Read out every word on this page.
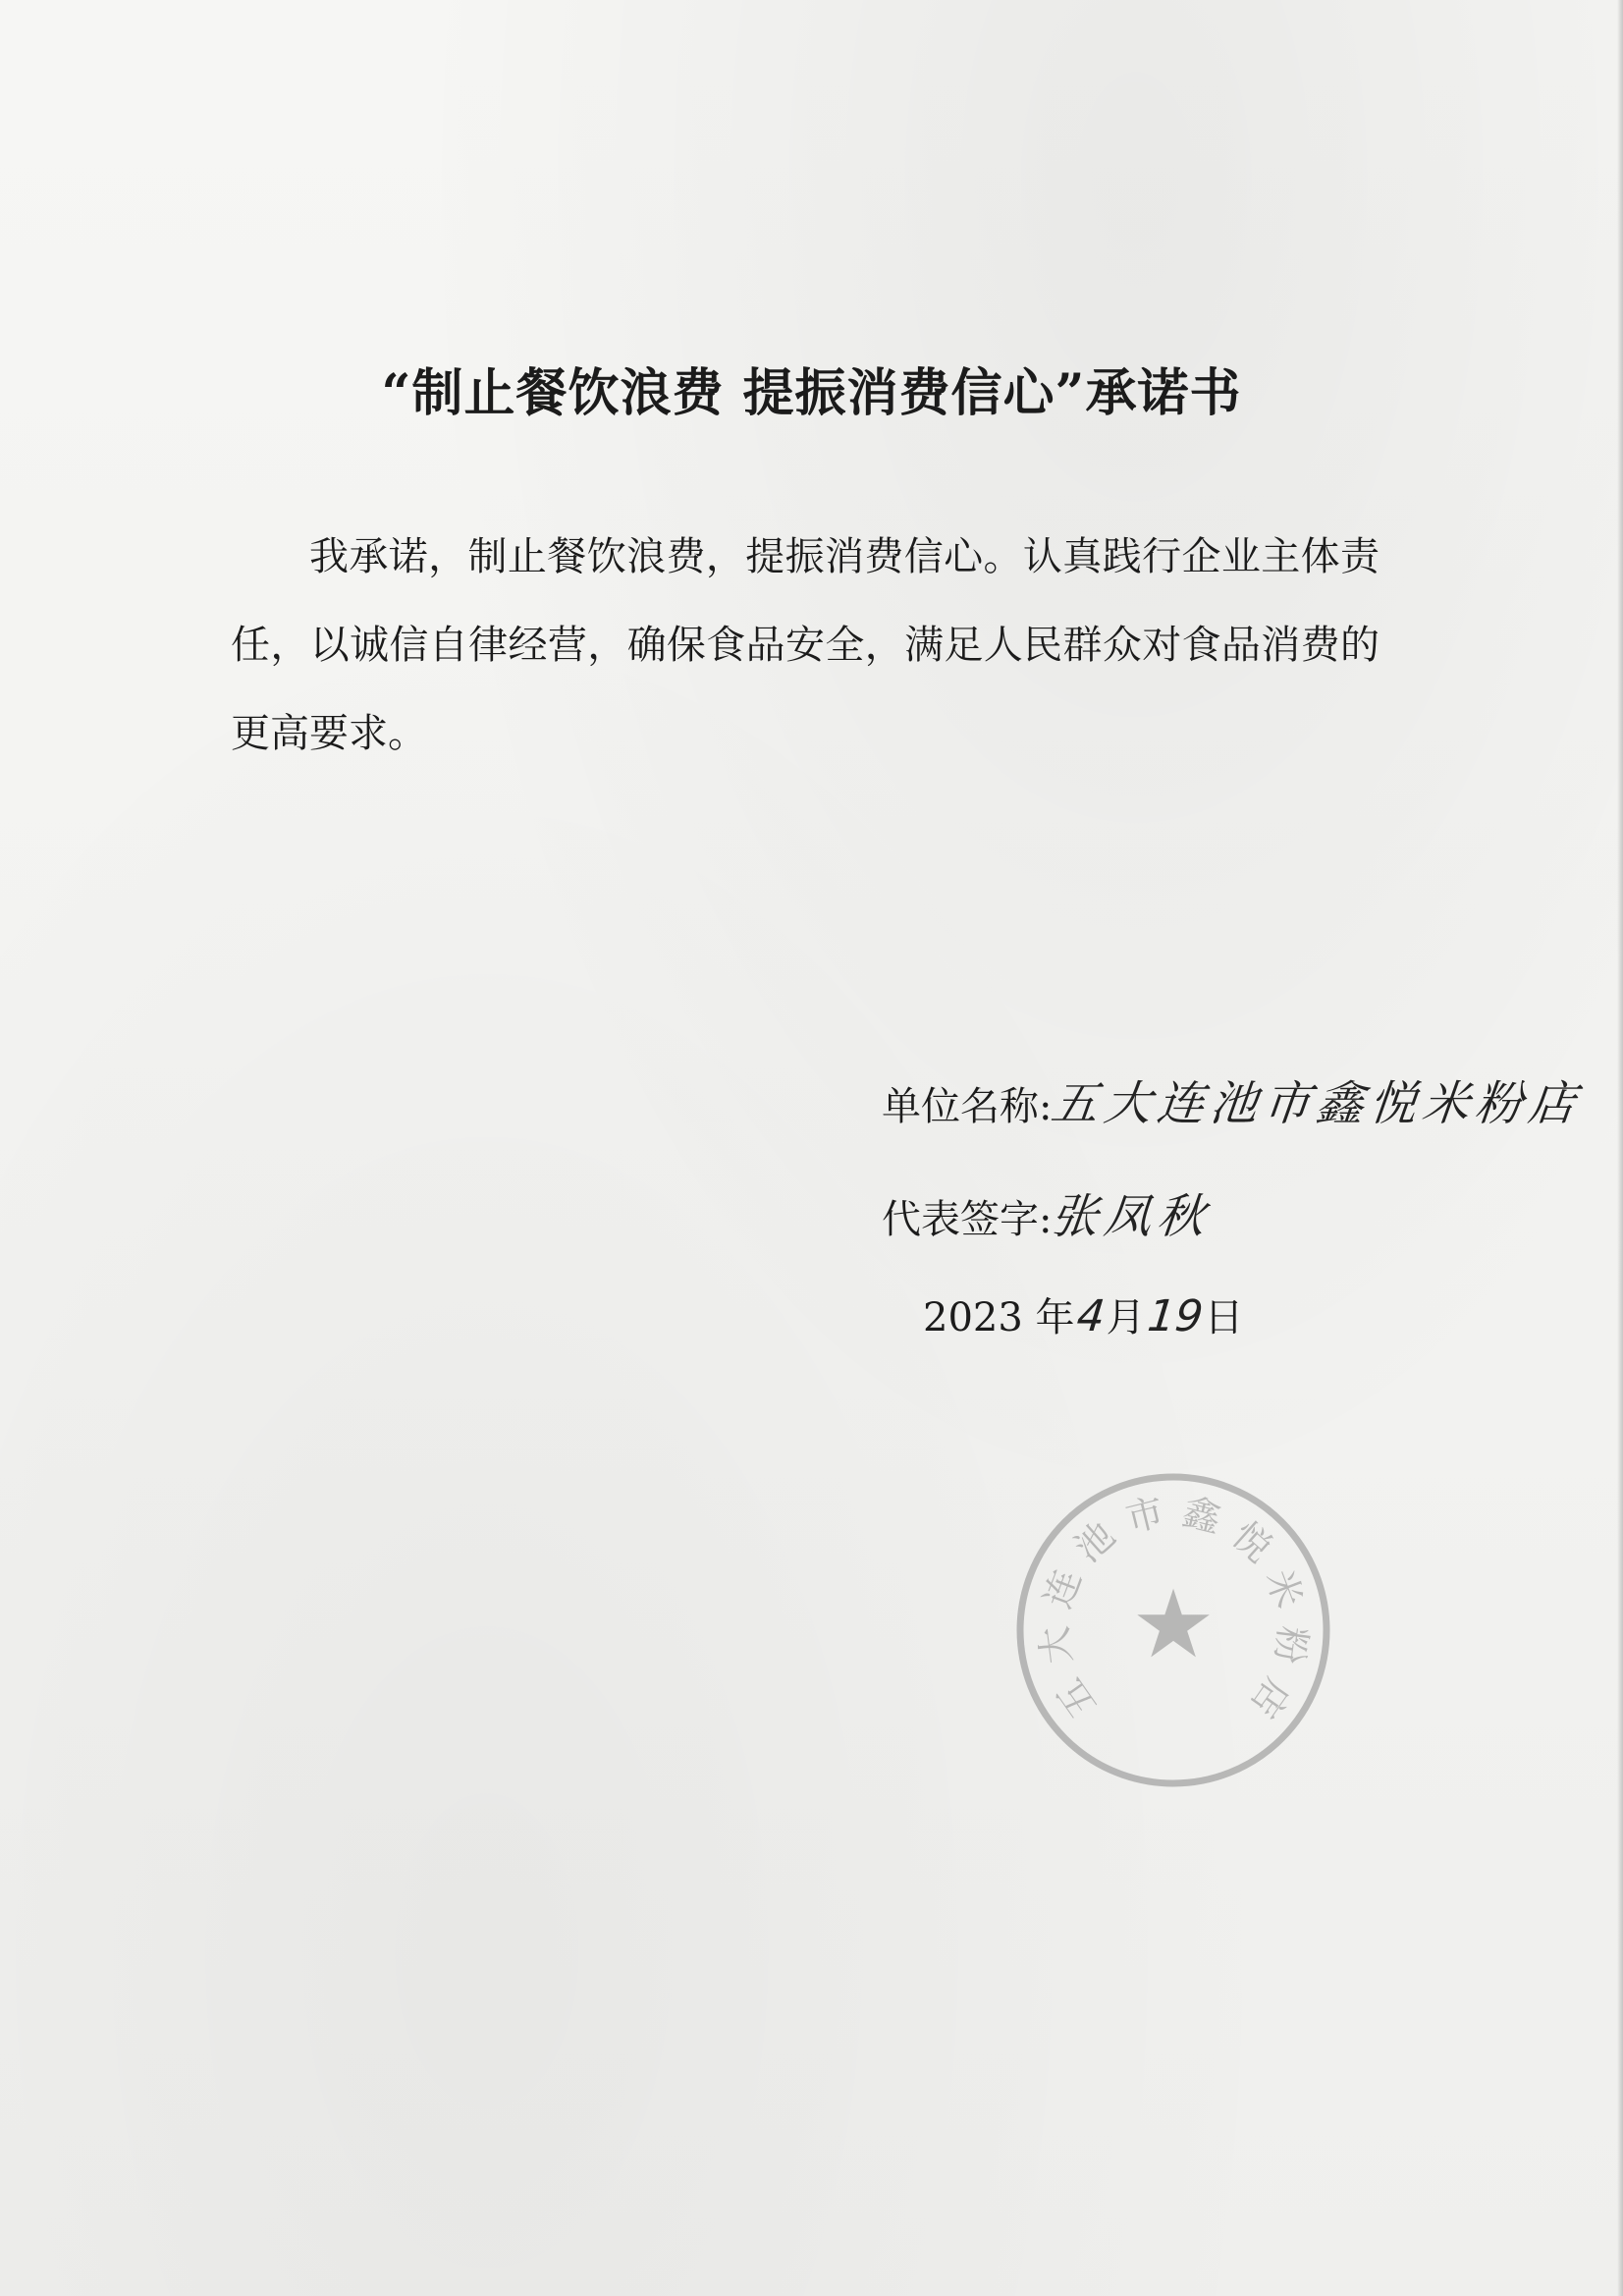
“制止餐饮浪费 提振消费信心”承诺书

我承诺，制止餐饮浪费，提振消费信心。认真践行企业主体责任，以诚信自律经营，确保食品安全，满足人民群众对食品消费的更高要求。

单位名称:
五大连池市鑫悦米粉店
代表签字:
张凤秋
2023 年 4 月 19 日
★
五
大
连
池
市 鑫
悦
米
粉
店
